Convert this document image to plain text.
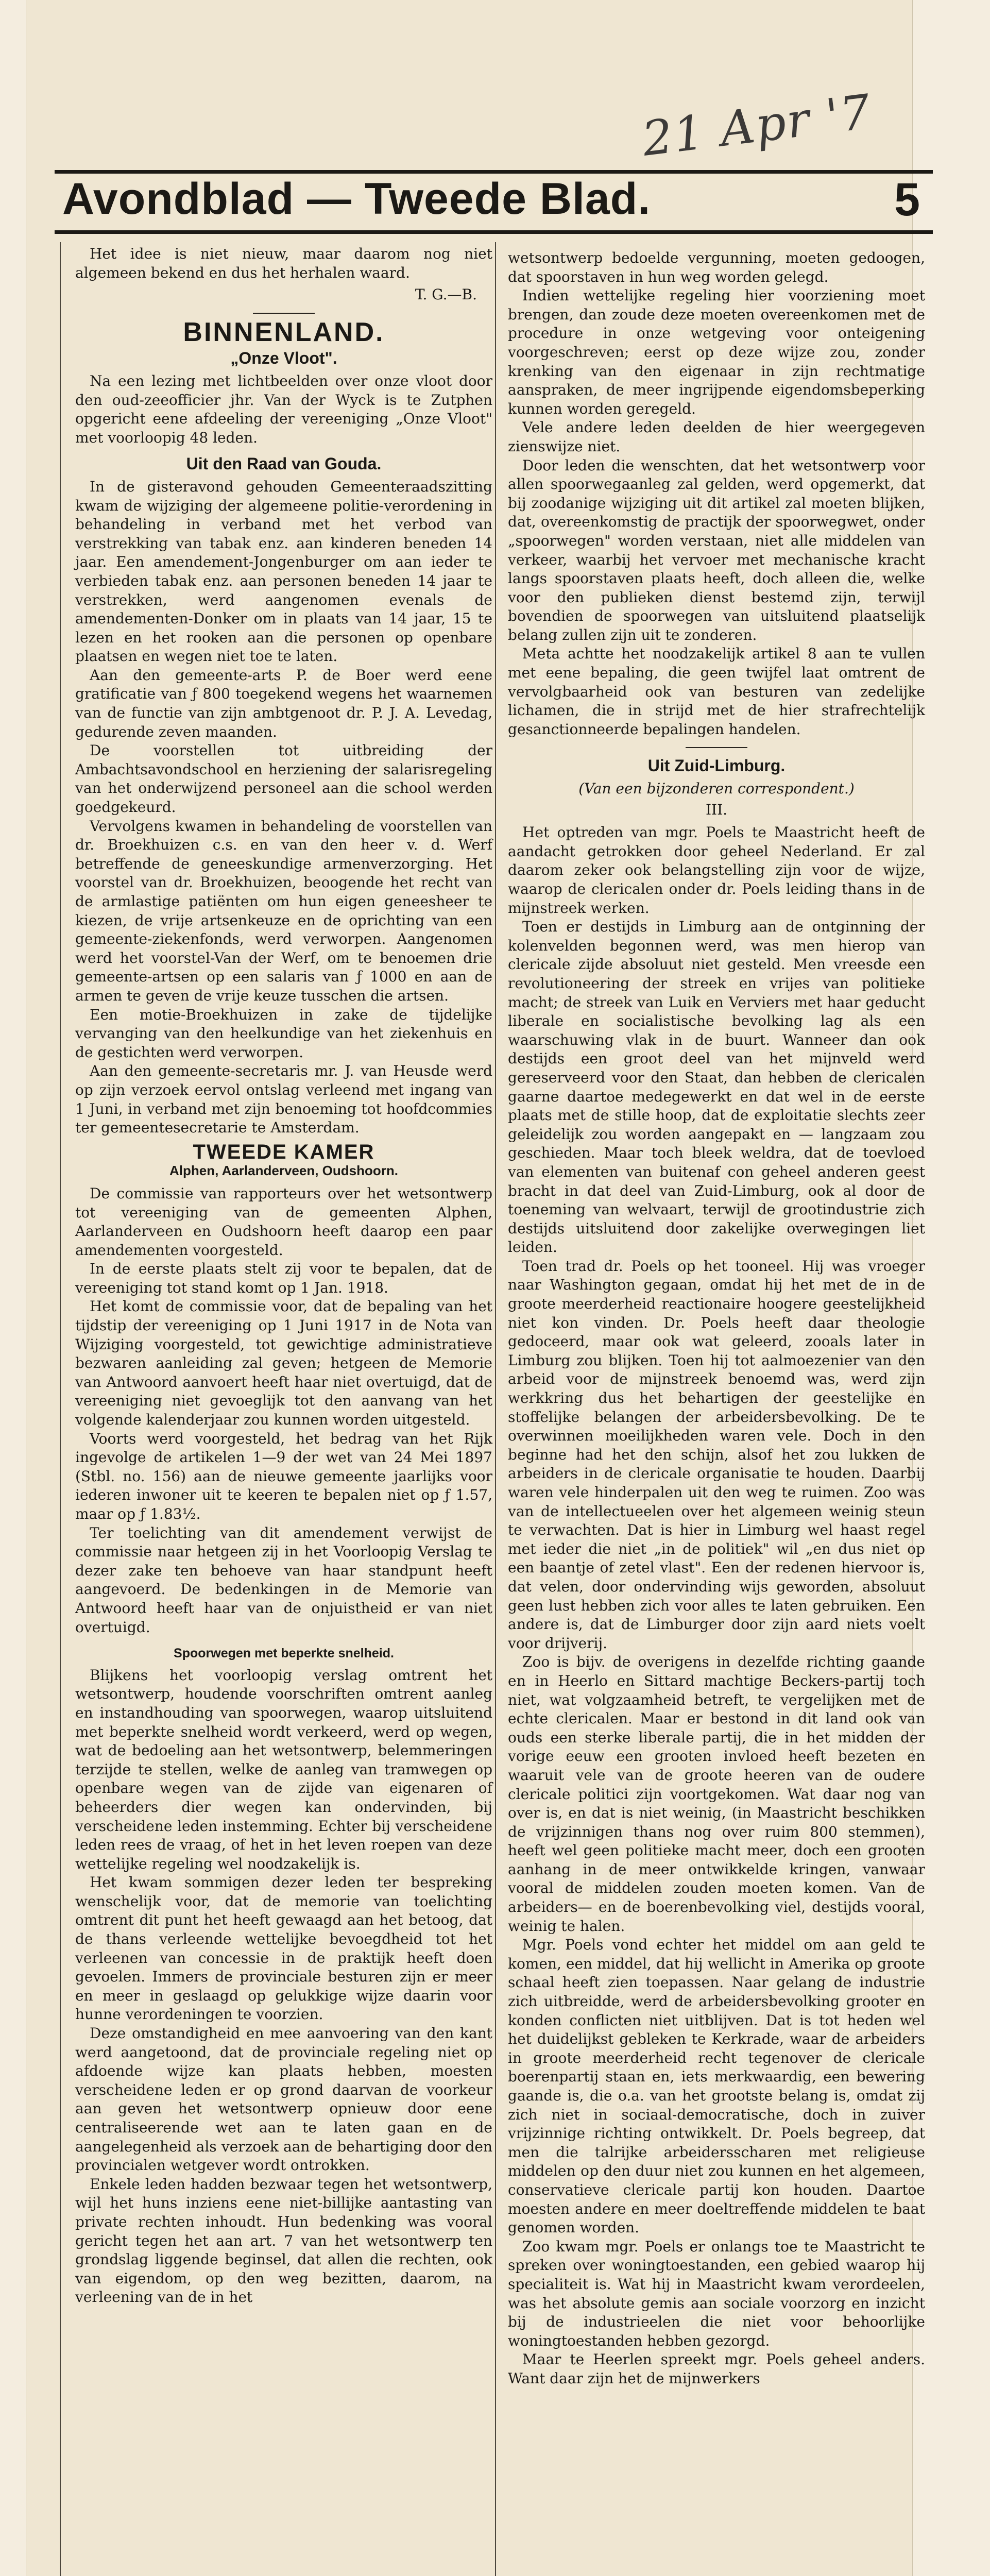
21 Apr '7
Avondblad — Tweede Blad.	5

Het idee is niet nieuw, maar daarom nog niet algemeen bekend en dus het herhalen waard.

T. G.—B.
BINNENLAND.
„Onze Vloot".

Na een lezing met lichtbeelden over onze vloot door den oud-zeeofficier jhr. Van der Wyck is te Zutphen opgericht eene afdeeling der vereeniging „Onze Vloot" met voorloopig 48 leden.

Uit den Raad van Gouda.

In de gisteravond gehouden Gemeenteraadszitting kwam de wijziging der algemeene politie-verordening in behandeling in verband met het verbod van verstrekking van tabak enz. aan kinderen beneden 14 jaar. Een amendement-Jongenburger om aan ieder te verbieden tabak enz. aan personen beneden 14 jaar te verstrekken, werd aangenomen evenals de amendementen-Donker om in plaats van 14 jaar, 15 te lezen en het rooken aan die personen op openbare plaatsen en wegen niet toe te laten.

Aan den gemeente-arts P. de Boer werd eene gratificatie van ƒ 800 toegekend wegens het waarnemen van de functie van zijn ambtgenoot dr. P. J. A. Levedag, gedurende zeven maanden.

De voorstellen tot uitbreiding der Ambachtsavondschool en herziening der salarisregeling van het onderwijzend personeel aan die school werden goedgekeurd.

Vervolgens kwamen in behandeling de voorstellen van dr. Broekhuizen c.s. en van den heer v. d. Werf betreffende de geneeskundige armenverzorging. Het voorstel van dr. Broekhuizen, beoogende het recht van de armlastige patiënten om hun eigen geneesheer te kiezen, de vrije artsenkeuze en de oprichting van een gemeente-ziekenfonds, werd verworpen. Aangenomen werd het voorstel-Van der Werf, om te benoemen drie gemeente-artsen op een salaris van ƒ 1000 en aan de armen te geven de vrije keuze tusschen die artsen.

Een motie-Broekhuizen in zake de tijdelijke vervanging van den heelkundige van het ziekenhuis en de gestichten werd verworpen.

Aan den gemeente-secretaris mr. J. van Heusde werd op zijn verzoek eervol ontslag verleend met ingang van 1 Juni, in verband met zijn benoeming tot hoofdcommies ter gemeentesecretarie te Amsterdam.

TWEEDE KAMER
Alphen, Aarlanderveen, Oudshoorn.

De commissie van rapporteurs over het wetsontwerp tot vereeniging van de gemeenten Alphen, Aarlanderveen en Oudshoorn heeft daarop een paar amendementen voorgesteld.

In de eerste plaats stelt zij voor te bepalen, dat de vereeniging tot stand komt op 1 Jan. 1918.

Het komt de commissie voor, dat de bepaling van het tijdstip der vereeniging op 1 Juni 1917 in de Nota van Wijziging voorgesteld, tot gewichtige administratieve bezwaren aanleiding zal geven; hetgeen de Memorie van Antwoord aanvoert heeft haar niet overtuigd, dat de vereeniging niet gevoeglijk tot den aanvang van het volgende kalenderjaar zou kunnen worden uitgesteld.

Voorts werd voorgesteld, het bedrag van het Rijk ingevolge de artikelen 1—9 der wet van 24 Mei 1897 (Stbl. no. 156) aan de nieuwe gemeente jaarlijks voor iederen inwoner uit te keeren te bepalen niet op ƒ 1.57, maar op ƒ 1.83½.

Ter toelichting van dit amendement verwijst de commissie naar hetgeen zij in het Voorloopig Verslag te dezer zake ten behoeve van haar standpunt heeft aangevoerd. De bedenkingen in de Memorie van Antwoord heeft haar van de onjuistheid er van niet overtuigd.

Spoorwegen met beperkte snelheid.

Blijkens het voorloopig verslag omtrent het wetsontwerp, houdende voorschriften omtrent aanleg en instandhouding van spoorwegen, waarop uitsluitend met beperkte snelheid wordt verkeerd, werd op wegen, wat de bedoeling aan het wetsontwerp, belemmeringen terzijde te stellen, welke de aanleg van tramwegen op openbare wegen van de zijde van eigenaren of beheerders dier wegen kan ondervinden, bij verscheidene leden instemming. Echter bij verscheidene leden rees de vraag, of het in het leven roepen van deze wettelijke regeling wel noodzakelijk is.

Het kwam sommigen dezer leden ter bespreking wenschelijk voor, dat de memorie van toelichting omtrent dit punt het heeft gewaagd aan het betoog, dat de thans verleende wettelijke bevoegdheid tot het verleenen van concessie in de praktijk heeft doen gevoelen. Immers de provinciale besturen zijn er meer en meer in geslaagd op gelukkige wijze daarin voor hunne verordeningen te voorzien.

Deze omstandigheid en mee aanvoering van den kant werd aangetoond, dat de provinciale regeling niet op afdoende wijze kan plaats hebben, moesten verscheidene leden er op grond daarvan de voorkeur aan geven het wetsontwerp opnieuw door eene centraliseerende wet aan te laten gaan en de aangelegenheid als verzoek aan de behartiging door den provincialen wetgever wordt ontrokken.

Enkele leden hadden bezwaar tegen het wetsontwerp, wijl het huns inziens eene niet-billijke aantasting van private rechten inhoudt. Hun bedenking was vooral gericht tegen het aan art. 7 van het wetsontwerp ten grondslag liggende beginsel, dat allen die rechten, ook van eigendom, op den weg bezitten, daarom, na verleening van de in het

wetsontwerp bedoelde vergunning, moeten gedoogen, dat spoorstaven in hun weg worden gelegd.

Indien wettelijke regeling hier voorziening moet brengen, dan zoude deze moeten overeenkomen met de procedure in onze wetgeving voor onteigening voorgeschreven; eerst op deze wijze zou, zonder krenking van den eigenaar in zijn rechtmatige aanspraken, de meer ingrijpende eigendomsbeperking kunnen worden geregeld.

Vele andere leden deelden de hier weergegeven zienswijze niet.

Door leden die wenschten, dat het wetsontwerp voor allen spoorwegaanleg zal gelden, werd opgemerkt, dat bij zoodanige wijziging uit dit artikel zal moeten blijken, dat, overeenkomstig de practijk der spoorwegwet, onder „spoorwegen" worden verstaan, niet alle middelen van verkeer, waarbij het vervoer met mechanische kracht langs spoorstaven plaats heeft, doch alleen die, welke voor den publieken dienst bestemd zijn, terwijl bovendien de spoorwegen van uitsluitend plaatselijk belang zullen zijn uit te zonderen.

Meta achtte het noodzakelijk artikel 8 aan te vullen met eene bepaling, die geen twijfel laat omtrent de vervolgbaarheid ook van besturen van zedelijke lichamen, die in strijd met de hier strafrechtelijk gesanctionneerde bepalingen handelen.

Uit Zuid-Limburg.
(Van een bijzonderen correspondent.)
III.

Het optreden van mgr. Poels te Maastricht heeft de aandacht getrokken door geheel Nederland. Er zal daarom zeker ook belangstelling zijn voor de wijze, waarop de clericalen onder dr. Poels leiding thans in de mijnstreek werken.

Toen er destijds in Limburg aan de ontginning der kolenvelden begonnen werd, was men hierop van clericale zijde absoluut niet gesteld. Men vreesde een revolutioneering der streek en vrijes van politieke macht; de streek van Luik en Verviers met haar geducht liberale en socialistische bevolking lag als een waarschuwing vlak in de buurt. Wanneer dan ook destijds een groot deel van het mijnveld werd gereserveerd voor den Staat, dan hebben de clericalen gaarne daartoe medegewerkt en dat wel in de eerste plaats met de stille hoop, dat de exploitatie slechts zeer geleidelijk zou worden aangepakt en — langzaam zou geschieden. Maar toch bleek weldra, dat de toevloed van elementen van buitenaf con geheel anderen geest bracht in dat deel van Zuid-Limburg, ook al door de toeneming van welvaart, terwijl de grootindustrie zich destijds uitsluitend door zakelijke overwegingen liet leiden.

Toen trad dr. Poels op het tooneel. Hij was vroeger naar Washington gegaan, omdat hij het met de in de groote meerderheid reactionaire hoogere geestelijkheid niet kon vinden. Dr. Poels heeft daar theologie gedoceerd, maar ook wat geleerd, zooals later in Limburg zou blijken. Toen hij tot aalmoezenier van den arbeid voor de mijnstreek benoemd was, werd zijn werkkring dus het behartigen der geestelijke en stoffelijke belangen der arbeidersbevolking. De te overwinnen moeilijkheden waren vele. Doch in den beginne had het den schijn, alsof het zou lukken de arbeiders in de clericale organisatie te houden. Daarbij waren vele hinderpalen uit den weg te ruimen. Zoo was van de intellectueelen over het algemeen weinig steun te verwachten. Dat is hier in Limburg wel haast regel met ieder die niet „in de politiek" wil „en dus niet op een baantje of zetel vlast". Een der redenen hiervoor is, dat velen, door ondervinding wijs geworden, absoluut geen lust hebben zich voor alles te laten gebruiken. Een andere is, dat de Limburger door zijn aard niets voelt voor drijverij.

Zoo is bijv. de overigens in dezelfde richting gaande en in Heerlo en Sittard machtige Beckers-partij toch niet, wat volgzaamheid betreft, te vergelijken met de echte clericalen. Maar er bestond in dit land ook van ouds een sterke liberale partij, die in het midden der vorige eeuw een grooten invloed heeft bezeten en waaruit vele van de groote heeren van de oudere clericale politici zijn voortgekomen. Wat daar nog van over is, en dat is niet weinig, (in Maastricht beschikken de vrijzinnigen thans nog over ruim 800 stemmen), heeft wel geen politieke macht meer, doch een grooten aanhang in de meer ontwikkelde kringen, vanwaar vooral de middelen zouden moeten komen. Van de arbeiders— en de boerenbevolking viel, destijds vooral, weinig te halen.

Mgr. Poels vond echter het middel om aan geld te komen, een middel, dat hij wellicht in Amerika op groote schaal heeft zien toepassen. Naar gelang de industrie zich uitbreidde, werd de arbeidersbevolking grooter en konden conflicten niet uitblijven. Dat is tot heden wel het duidelijkst gebleken te Kerkrade, waar de arbeiders in groote meerderheid recht tegenover de clericale boerenpartij staan en, iets merkwaardig, een bewering gaande is, die o.a. van het grootste belang is, omdat zij zich niet in sociaal-democratische, doch in zuiver vrijzinnige richting ontwikkelt. Dr. Poels begreep, dat men die talrijke arbeidersscharen met religieuse middelen op den duur niet zou kunnen en het algemeen, conservatieve clericale partij kon houden. Daartoe moesten andere en meer doeltreffende middelen te baat genomen worden.

Zoo kwam mgr. Poels er onlangs toe te Maastricht te spreken over woningtoestanden, een gebied waarop hij specialiteit is. Wat hij in Maastricht kwam verordeelen, was het absolute gemis aan sociale voorzorg en inzicht bij de industrieelen die niet voor behoorlijke woningtoestanden hebben gezorgd.

Maar te Heerlen spreekt mgr. Poels geheel anders. Want daar zijn het de mijnwerkers
